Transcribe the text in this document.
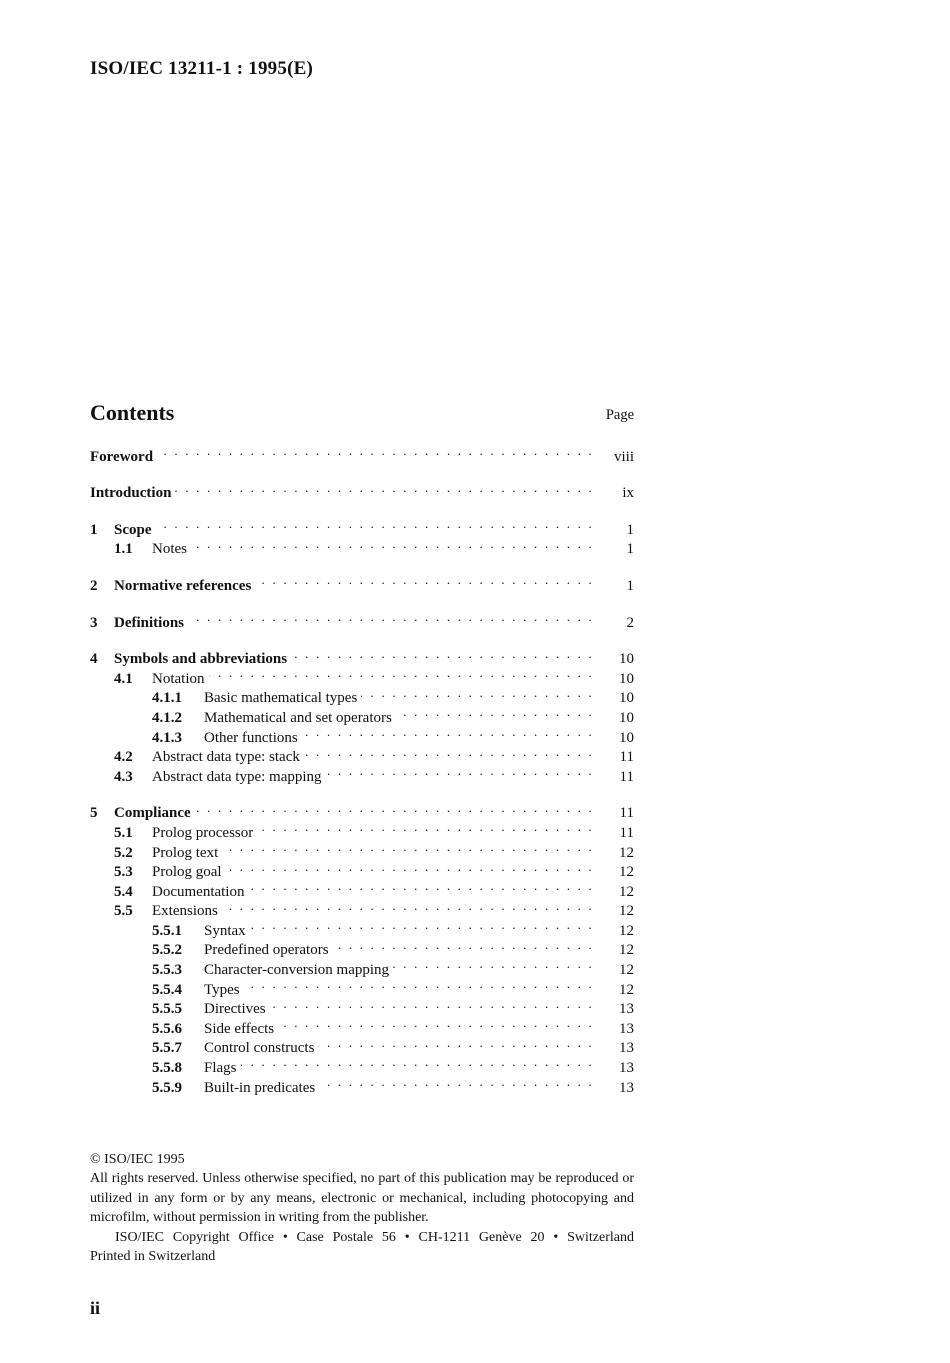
ISO/IEC 13211-1 : 1995(E)
Contents	Page
Foreword . . .	viii
Introduction . . .	ix
1	Scope . . .	1
1.1	Notes . . .	1
2	Normative references . . .	1
3	Definitions . . .	2
4	Symbols and abbreviations . . .	10
4.1	Notation . . .	10
4.1.1	Basic mathematical types . . .	10
4.1.2	Mathematical and set operators . . .	10
4.1.3	Other functions . . .	10
4.2	Abstract data type: stack . . .	11
4.3	Abstract data type: mapping . . .	11
5	Compliance . . .	11
5.1	Prolog processor . . .	11
5.2	Prolog text . . .	12
5.3	Prolog goal . . .	12
5.4	Documentation . . .	12
5.5	Extensions . . .	12
5.5.1	Syntax . . .	12
5.5.2	Predefined operators . . .	12
5.5.3	Character-conversion mapping . . .	12
5.5.4	Types . . .	12
5.5.5	Directives . . .	13
5.5.6	Side effects . . .	13
5.5.7	Control constructs . . .	13
5.5.8	Flags . . .	13
5.5.9	Built-in predicates . . .	13

© ISO/IEC 1995

All rights reserved. Unless otherwise specified, no part of this publication may be reproduced or utilized in any form or by any means, electronic or mechanical, including photocopying and microfilm, without permission in writing from the publisher.

ISO/IEC Copyright Office • Case Postale 56 • CH-1211 Genève 20 • Switzerland

Printed in Switzerland

ii
